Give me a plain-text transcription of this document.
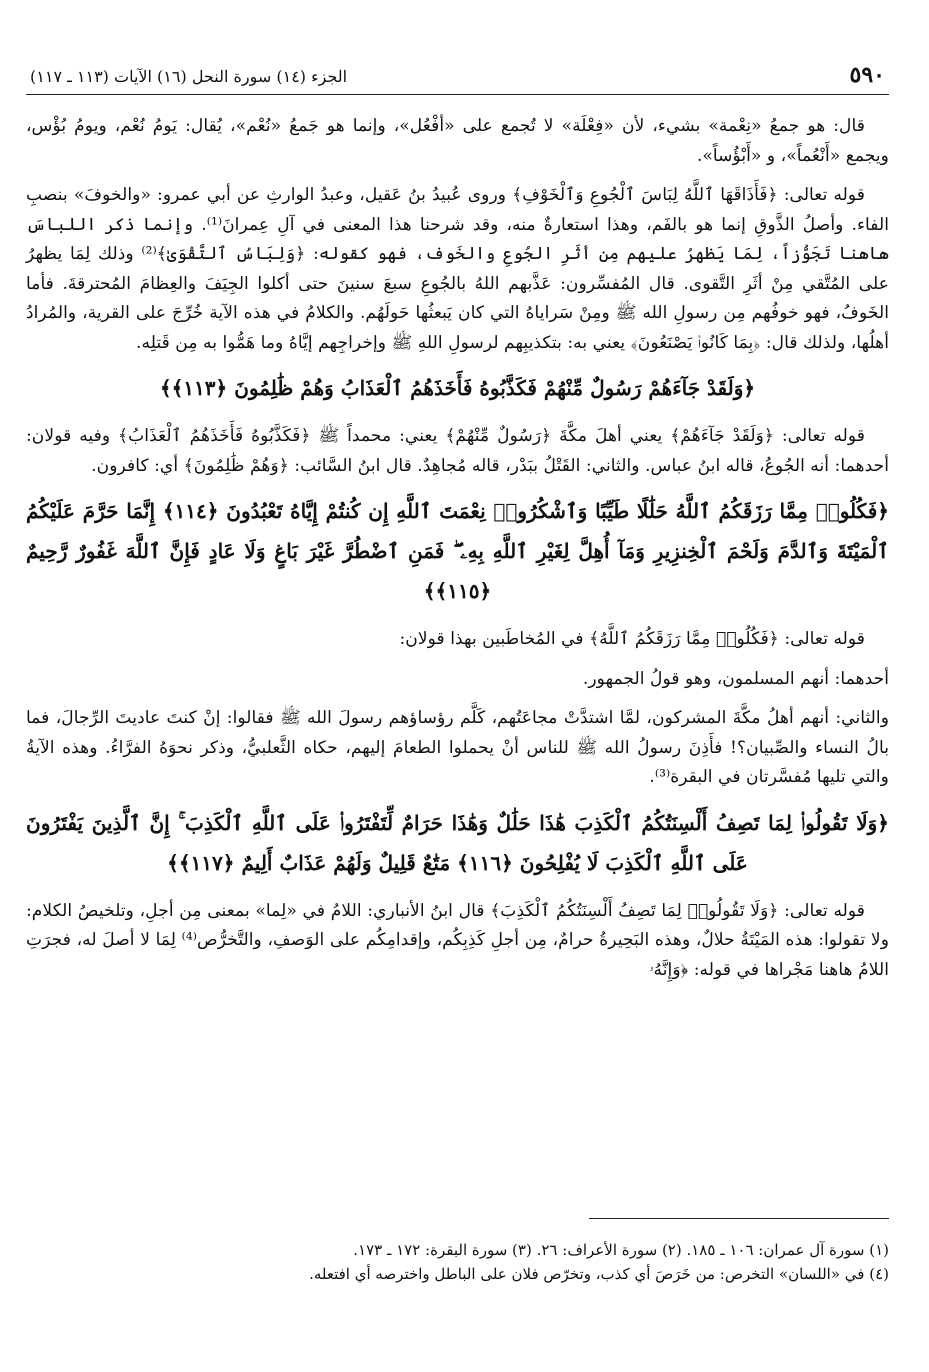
٥٩٠
الجزء (١٤) سورة النحل (١٦) الآيات (١١٣ ـ ١١٧)

قال: هو جمعُ «نِعْمة» بشيء، لأن «فِعْلَة» لا تُجمع على «أفْعُل»، وإنما هو جَمعُ «نُعْم»، يُقال: يَومُ نُعْم، ويومُ بُؤْس، ويجمع «أَنْعُماً»، و «أَبْؤُساً».

قوله تعالى: ﴿فَأَذَاقَهَا ٱللَّهُ لِبَاسَ ٱلْجُوعِ وَٱلْخَوْفِ﴾ وروى عُبيدُ بنُ عَقيل، وعبدُ الوارثِ عن أبي عمرو: «والخوفَ» بنصبِ الفاء. وأصلُ الذَّوقِ إنما هو بالفَم، وهذا استعارةٌ منه، وقد شرحنا هذا المعنى في آلِ عِمرانَ⁽¹⁾. وإنما ذكر اللباسَ هاهنا تَجَوُّزاً، لِمَا يَظهرُ عليهم مِن أثَرِ الجُوعِ والخَوف، فهو كقوله: ﴿وَلِبَاسُ ٱلتَّقْوَىٰ﴾⁽²⁾ وذلك لِمَا يظهرُ على المُتَّقي مِنْ أثَرِ التَّقوى. قال المُفسِّرون: عَذَّبهم اللهُ بالجُوعِ سبعَ سنينَ حتى أكلوا الجِيَفَ والعِظامَ المُحترقةَ. فأما الخَوفُ، فهو خوفُهم مِن رسولِ الله ﷺ ومِنْ سَراياهُ التي كان يَبعثُها حَولَهُم. والكلامُ في هذه الآية خُرِّجَ على القرية، والمُرادُ أهلُها، ولذلك قال: ﴿بِمَا كَانُوا۟ يَصْنَعُونَ﴾ يعني به: بتكذيبِهم لرسولِ اللهِ ﷺ وإخراجِهم إيَّاهُ وما هَمُّوا به مِن قَتلِه.

﴿وَلَقَدْ جَآءَهُمْ رَسُولٌ مِّنْهُمْ فَكَذَّبُوهُ فَأَخَذَهُمُ ٱلْعَذَابُ وَهُمْ ظَٰلِمُونَ ﴿١١٣﴾﴾

قوله تعالى: ﴿وَلَقَدْ جَآءَهُمْ﴾ يعني أهلَ مكَّةَ ﴿رَسُولٌ مِّنْهُمْ﴾ يعني: محمداً ﷺ ﴿فَكَذَّبُوهُ فَأَخَذَهُمُ ٱلْعَذَابُ﴾ وفيه قولان: أحدهما: أنه الجُوعُ، قاله ابنُ عباس. والثاني: القَتْلُ ببَدْر، قاله مُجاهِدٌ. قال ابنُ السَّائب: ﴿وَهُمْ ظَٰلِمُونَ﴾ أي: كافرون.

﴿فَكُلُوا۟ مِمَّا رَزَقَكُمُ ٱللَّهُ حَلَٰلًا طَيِّبًا وَٱشْكُرُوا۟ نِعْمَتَ ٱللَّهِ إِن كُنتُمْ إِيَّاهُ تَعْبُدُونَ ﴿١١٤﴾ إِنَّمَا حَرَّمَ عَلَيْكُمُ ٱلْمَيْتَةَ وَٱلدَّمَ وَلَحْمَ ٱلْخِنزِيرِ وَمَآ أُهِلَّ لِغَيْرِ ٱللَّهِ بِهِۦ ۖ فَمَنِ ٱضْطُرَّ غَيْرَ بَاغٍ وَلَا عَادٍ فَإِنَّ ٱللَّهَ غَفُورٌ رَّحِيمٌ ﴿١١٥﴾﴾

قوله تعالى: ﴿فَكُلُوا۟ مِمَّا رَزَقَكُمُ ٱللَّهُ﴾ في المُخاطَبين بهذا قولان:

أحدهما: أنهم المسلمون، وهو قولُ الجمهور.

والثاني: أنهم أهلُ مكَّةَ المشركون، لمَّا اشتدَّتْ مجاعَتُهم، كَلَّم رؤساؤهم رسولَ الله ﷺ فقالوا: إنْ كنتَ عاديتَ الرِّجالَ، فما بالُ النساء والصِّبيان؟! فأَذِنَ رسولُ الله ﷺ للناس أنْ يحملوا الطعامَ إليهم، حكاه الثَّعلبيُّ، وذكر نحوَهُ الفرَّاءُ. وهذه الآيةُ والتي تليها مُفسَّرتان في البقرة⁽³⁾.

﴿وَلَا تَقُولُوا۟ لِمَا تَصِفُ أَلْسِنَتُكُمُ ٱلْكَذِبَ هَٰذَا حَلَٰلٌ وَهَٰذَا حَرَامٌ لِّتَفْتَرُوا۟ عَلَى ٱللَّهِ ٱلْكَذِبَ ۚ إِنَّ ٱلَّذِينَ يَفْتَرُونَ عَلَى ٱللَّهِ ٱلْكَذِبَ لَا يُفْلِحُونَ ﴿١١٦﴾ مَتَٰعٌ قَلِيلٌ وَلَهُمْ عَذَابٌ أَلِيمٌ ﴿١١٧﴾﴾

قوله تعالى: ﴿وَلَا تَقُولُوا۟ لِمَا تَصِفُ أَلْسِنَتُكُمُ ٱلْكَذِبَ﴾ قال ابنُ الأنباري: اللامُ في «لِما» بمعنى مِن أجلِ، وتلخيصُ الكلام: ولا تقولوا: هذه المَيْتَةُ حلالٌ، وهذه البَحِيرةُ حرامٌ، مِن أجلِ كَذِبِكُم، وإقدامِكُم على الوَصفِ، والتَّخرُّص⁽⁴⁾ لِمَا لا أصلَ له، فجرَتِ اللامُ هاهنا مَجْراها في قوله: ﴿وَإِنَّهُۥ

(١) سورة آل عمران: ١٠٦ ـ ١٨٥. (٢) سورة الأعراف: ٢٦. (٣) سورة البقرة: ١٧٢ ـ ١٧٣.

(٤) في «اللسان» التخرص: من خَرَصَ أي كذب، وتخرّص فلان على الباطل واخترصه أي افتعله.
